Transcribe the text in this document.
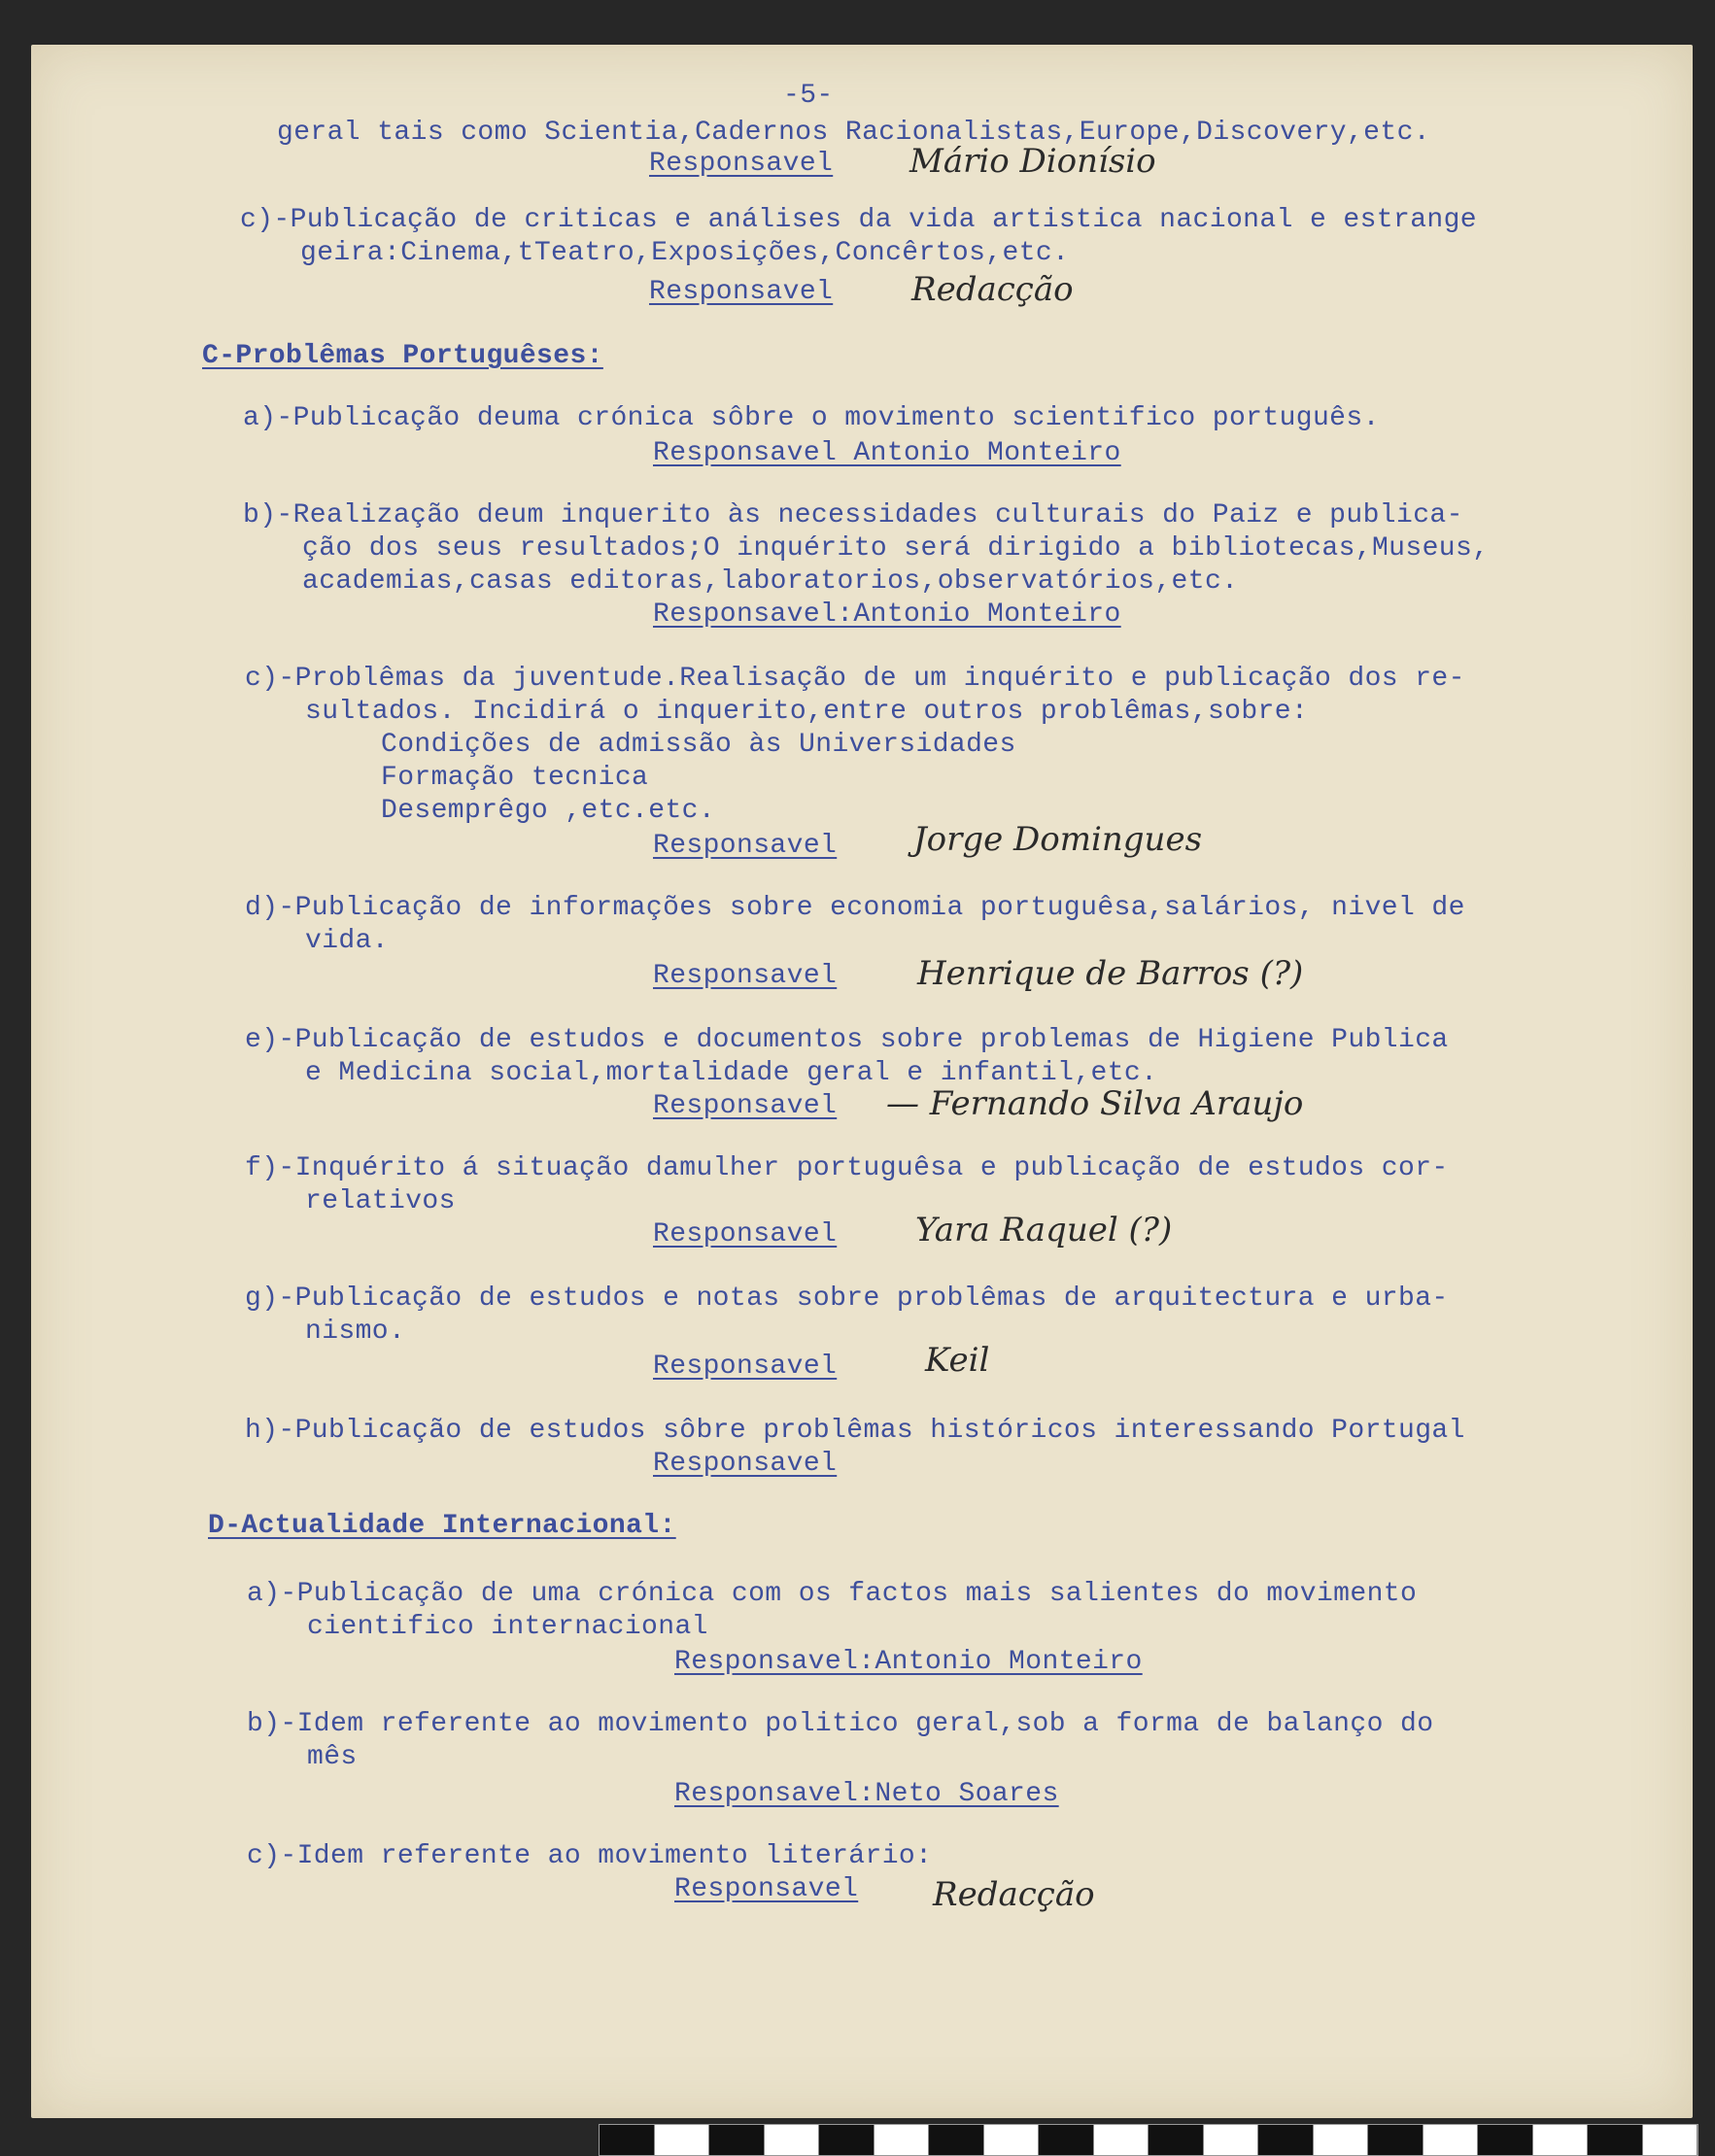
-5-

geral tais como Scientia,Cadernos Racionalistas,Europe,Discovery,etc.

Responsavel Mário Dionísio

c)-Publicação de criticas e análises da vida artistica nacional e estrange

geira:Cinema,tTeatro,Exposições,Concêrtos,etc.

Responsavel Redacção

C-Problêmas Portuguêses:

a)-Publicação deuma crónica sôbre o movimento scientifico português.

Responsavel Antonio Monteiro

b)-Realização deum inquerito às necessidades culturais do Paiz e publica-

ção dos seus resultados;O inquérito será dirigido a bibliotecas,Museus,

academias,casas editoras,laboratorios,observatórios,etc.

Responsavel:Antonio Monteiro

c)-Problêmas da juventude.Realisação de um inquérito e publicação dos re-

sultados. Incidirá o inquerito,entre outros problêmas,sobre:

Condições de admissão às Universidades

Formação tecnica

Desemprêgo ,etc.etc.

Responsavel Jorge Domingues

d)-Publicação de informações sobre economia portuguêsa,salários, nivel de

vida.

Responsavel Henrique de Barros (?)

e)-Publicação de estudos e documentos sobre problemas de Higiene Publica

e Medicina social,mortalidade geral e infantil,etc.

Responsavel — Fernando Silva Araujo

f)-Inquérito á situação damulher portuguêsa e publicação de estudos cor-

relativos

Responsavel Yara Raquel (?)

g)-Publicação de estudos e notas sobre problêmas de arquitectura e urba-

nismo.

Responsavel	Keil

h)-Publicação de estudos sôbre problêmas históricos interessando Portugal

Responsavel

D-Actualidade Internacional:

a)-Publicação de uma crónica com os factos mais salientes do movimento

cientifico internacional

Responsavel:Antonio Monteiro

b)-Idem referente ao movimento politico geral,sob a forma de balanço do

mês

Responsavel:Neto Soares

c)-Idem referente ao movimento literário:

Responsavel Redacção
